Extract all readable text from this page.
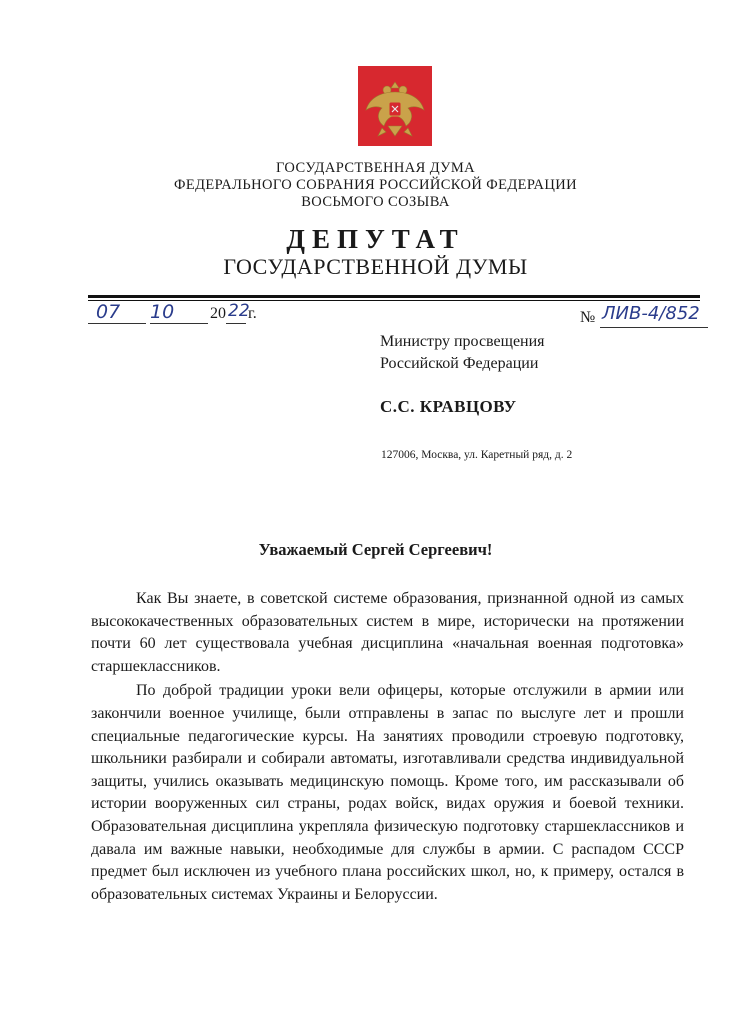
ГОСУДАРСТВЕННАЯ ДУМА
ФЕДЕРАЛЬНОГО СОБРАНИЯ РОССИЙСКОЙ ФЕДЕРАЦИИ
ВОСЬМОГО СОЗЫВА
ДЕПУТАТ
ГОСУДАРСТВЕННОЙ ДУМЫ
07 10 20 22
г.	№ ЛИВ-4/852
Министру просвещения
Российской Федерации
С.С. КРАВЦОВУ
127006, Москва, ул. Каретный ряд, д. 2
Уважаемый Сергей Сергеевич!

Как Вы знаете, в советской системе образования, признанной одной из самых высококачественных образовательных систем в мире, исторически на протяжении почти 60 лет существовала учебная дисциплина «начальная военная подготовка» старшеклассников.

По доброй традиции уроки вели офицеры, которые отслужили в армии или закончили военное училище, были отправлены в запас по выслуге лет и прошли специальные педагогические курсы. На занятиях проводили строевую подготовку, школьники разбирали и собирали автоматы, изготавливали средства индивидуальной защиты, учились оказывать медицинскую помощь. Кроме того, им рассказывали об истории вооруженных сил страны, родах войск, видах оружия и боевой техники. Образовательная дисциплина укрепляла физическую подготовку старшеклассников и давала им важные навыки, необходимые для службы в армии. С распадом СССР предмет был исключен из учебного плана российских школ, но, к примеру, остался в образовательных системах Украины и Белоруссии.
